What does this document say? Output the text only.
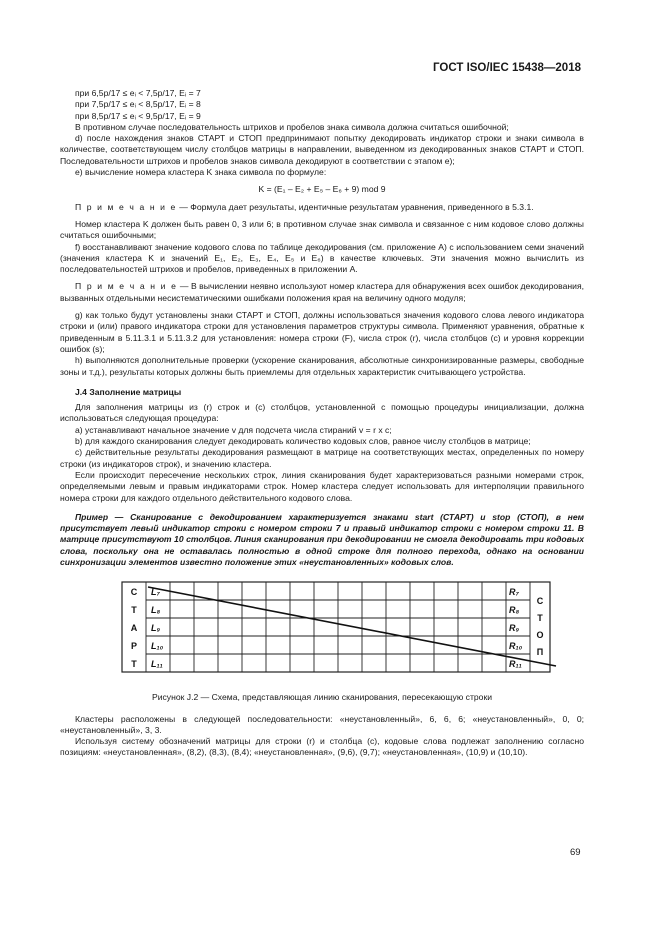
ГОСТ ISO/IEC 15438—2018

при 6,5p/17 ≤ eᵢ < 7,5p/17, Eᵢ = 7

при 7,5p/17 ≤ eᵢ < 8,5p/17, Eᵢ = 8

при 8,5p/17 ≤ eᵢ < 9,5p/17, Eᵢ = 9

В противном случае последовательность штрихов и пробелов знака символа должна считаться ошибочной;

d) после нахождения знаков СТАРТ и СТОП предпринимают попытку декодировать индикатор строки и знаки символа в количестве, соответствующем числу столбцов матрицы в направлении, выведенном из декодированных знаков СТАРТ и СТОП. Последовательности штрихов и пробелов знаков символа декодируют в соответствии с этапом е);

е) вычисление номера кластера K знака символа по формуле:

K = (E₁ – E₂ + E₅ – E₆ + 9) mod 9

П р и м е ч а н и е — Формула дает результаты, идентичные результатам уравнения, приведенного в 5.3.1.

Номер кластера K должен быть равен 0, 3 или 6; в противном случае знак символа и связанное с ним кодовое слово должны считаться ошибочными;

f) восстанавливают значение кодового слова по таблице декодирования (см. приложение А) с использованием семи значений (значения кластера K и значений E₁, E₂, E₃, E₄, E₅ и E₆) в качестве ключевых. Эти значения можно вычислить из последовательностей штрихов и пробелов, приведенных в приложении А.

П р и м е ч а н и е — В вычислении неявно используют номер кластера для обнаружения всех ошибок декодирования, вызванных отдельными несистематическими ошибками положения края на величину одного модуля;

g) как только будут установлены знаки СТАРТ и СТОП, должны использоваться значения кодового слова левого индикатора строки и (или) правого индикатора строки для установления параметров структуры символа. Применяют уравнения, обратные к приведенным в 5.11.3.1 и 5.11.3.2 для установления: номера строки (F), числа строк (r), числа столбцов (c) и уровня коррекции ошибок (s);

h) выполняются дополнительные проверки (ускорение сканирования, абсолютные синхронизированные размеры, свободные зоны и т.д.), результаты которых должны быть приемлемы для отдельных характеристик считывающего устройства.

J.4 Заполнение матрицы

Для заполнения матрицы из (r) строк и (c) столбцов, установленной с помощью процедуры инициализации, должна использоваться следующая процедура:

а) устанавливают начальное значение v для подсчета числа стираний v = r x c;

b) для каждого сканирования следует декодировать количество кодовых слов, равное числу столбцов в матрице;

с) действительные результаты декодирования размещают в матрице на соответствующих местах, определенных по номеру строки (из индикаторов строк), и значению кластера.

Если происходит пересечение нескольких строк, линия сканирования будет характеризоваться разными номерами строк, определяемыми левым и правым индикаторами строк. Номер кластера следует использовать для интерполяции правильного номера строки для каждого отдельного действительного кодового слова.

Пример — Сканирование с декодированием характеризуется знаками start (СТАРТ) и stop (СТОП), в нем присутствует левый индикатор строки с номером строки 7 и правый индикатор строки с номером строки 11. В матрице присутствуют 10 столбцов. Линия сканирования при декодировании не смогла декодировать три кодовых слова, поскольку она не оставалась полностью в одной строке для полного перехода, однако на основании синхронизации элементов известно положение этих «неустановленных» кодовых слов.

С
Т
А
Р
Т
С
Т
О
П
L₇
L₈
L₉
L₁₀
L₁₁
R₇
R₈
R₉
R₁₀
R₁₁

Рисунок J.2 — Схема, представляющая линию сканирования, пересекающую строки

Кластеры расположены в следующей последовательности: «неустановленный», 6, 6, 6; «неустановленный», 0, 0; «неустановленный», 3, 3.

Используя систему обозначений матрицы для строки (r) и столбца (c), кодовые слова подлежат заполнению согласно позициям: «неустановленная», (8,2), (8,3), (8,4); «неустановленная», (9,6), (9,7); «неустановленная», (10,9) и (10,10).

69
